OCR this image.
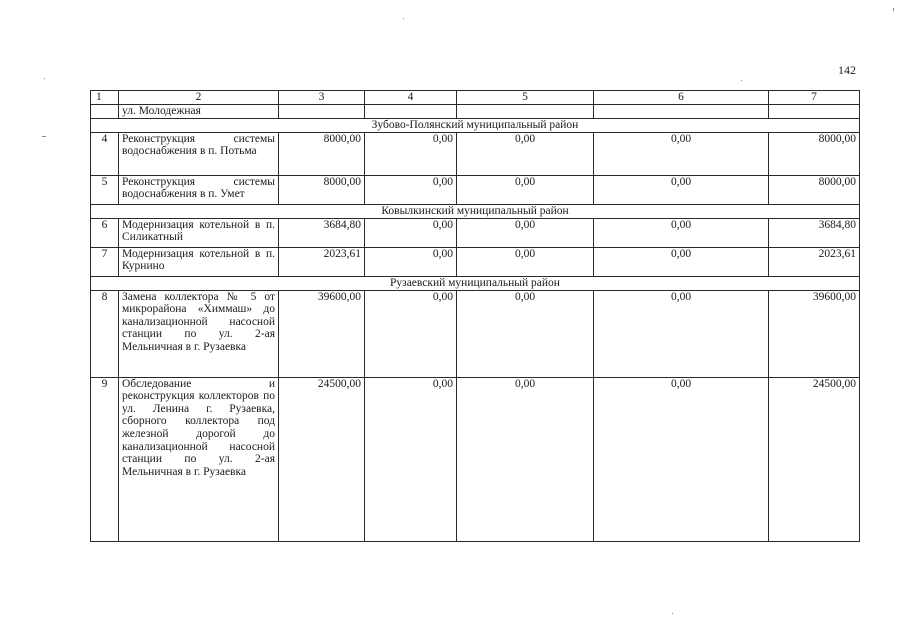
142
1	2	3	4	5	6	7
	ул. Молодежная					
Зубово-Полянский муниципальный район						
4	Реконструкция системы водоснабжения в п. Потьма	8000,00	0,00	0,00	0,00	8000,00
5	Реконструкция системы водоснабжения в п. Умет	8000,00	0,00	0,00	0,00	8000,00
Ковылкинский муниципальный район						
6	Модернизация котельной в п. Силикатный	3684,80	0,00	0,00	0,00	3684,80
7	Модернизация котельной в п. Курнино	2023,61	0,00	0,00	0,00	2023,61
Рузаевский муниципальный район						
8	Замена коллектора № 5 от микрорайона «Химмаш» до канализационной насосной станции по ул. 2-ая Мельничная в г. Рузаевка	39600,00	0,00	0,00	0,00	39600,00
9	Обследование и реконструкция коллекторов по ул. Ленина г. Рузаевка, сборного коллектора под железной дорогой до канализационной насосной станции по ул. 2-ая Мельничная в г. Рузаевка	24500,00	0,00	0,00	0,00	24500,00
